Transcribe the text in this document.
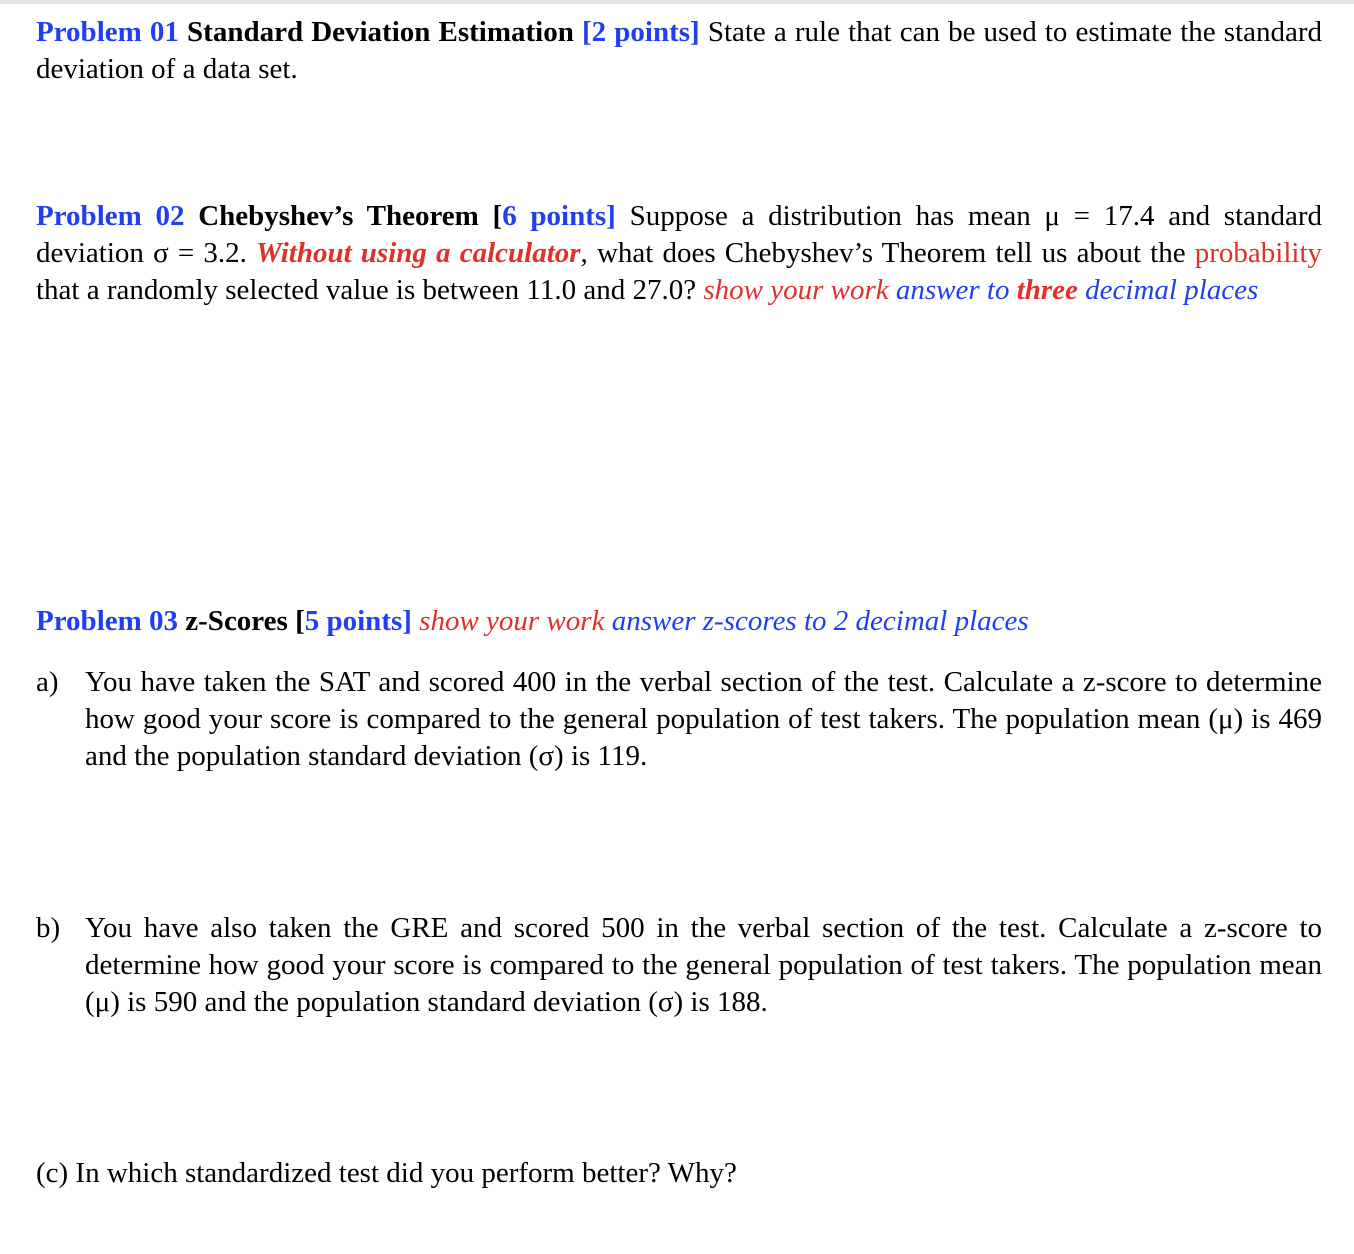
Problem 01 Standard Deviation Estimation [2 points] State a rule that can be used to estimate the standard deviation of a data set.

Problem 02 Chebyshev’s Theorem [6 points] Suppose a distribution has mean μ = 17.4 and standard deviation σ = 3.2. Without using a calculator, what does Chebyshev’s Theorem tell us about the probability that a randomly selected value is between 11.0 and 27.0? show your work answer to three decimal places

Problem 03 z-Scores [5 points] show your work answer z-scores to 2 decimal places

a) You have taken the SAT and scored 400 in the verbal section of the test. Calculate a z-score to determine how good your score is compared to the general population of test takers. The population mean (μ) is 469 and the population standard deviation (σ) is 119.
b) You have also taken the GRE and scored 500 in the verbal section of the test. Calculate a z-score to determine how good your score is compared to the general population of test takers. The population mean (μ) is 590 and the population standard deviation (σ) is 188.

(c) In which standardized test did you perform better? Why?
